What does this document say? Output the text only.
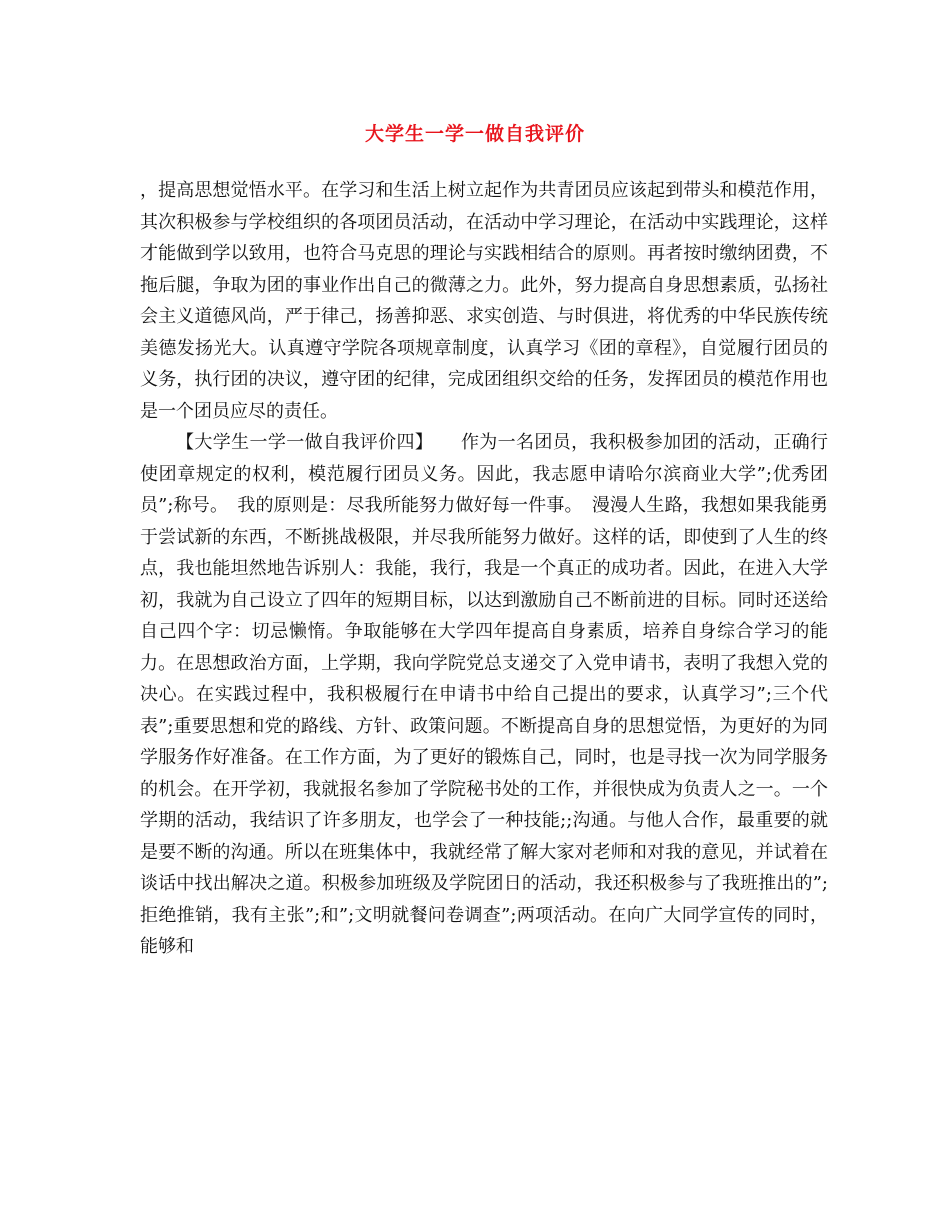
大学生一学一做自我评价

，提高思想觉悟水平。在学习和生活上树立起作为共青团员应该起到带头和模范作用，其次积极参与学校组织的各项团员活动，在活动中学习理论，在活动中实践理论，这样才能做到学以致用，也符合马克思的理论与实践相结合的原则。再者按时缴纳团费，不拖后腿，争取为团的事业作出自己的微薄之力。此外，努力提高自身思想素质，弘扬社会主义道德风尚，严于律己，扬善抑恶、求实创造、与时俱进，将优秀的中华民族传统美德发扬光大。认真遵守学院各项规章制度，认真学习《团的章程》，自觉履行团员的义务，执行团的决议，遵守团的纪律，完成团组织交给的任务，发挥团员的模范作用也是一个团员应尽的责任。

【大学生一学一做自我评价四】　　作为一名团员，我积极参加团的活动，正确行使团章规定的权利，模范履行团员义务。因此，我志愿申请哈尔滨商业大学”;优秀团员”;称号。　我的原则是：尽我所能努力做好每一件事。　漫漫人生路，我想如果我能勇于尝试新的东西，不断挑战极限，并尽我所能努力做好。这样的话，即使到了人生的终点，我也能坦然地告诉别人：我能，我行，我是一个真正的成功者。因此，在进入大学初，我就为自己设立了四年的短期目标，以达到激励自己不断前进的目标。同时还送给自己四个字：切忌懒惰。争取能够在大学四年提高自身素质，培养自身综合学习的能力。在思想政治方面，上学期，我向学院党总支递交了入党申请书，表明了我想入党的决心。在实践过程中，我积极履行在申请书中给自己提出的要求，认真学习”;三个代表”;重要思想和党的路线、方针、政策问题。不断提高自身的思想觉悟，为更好的为同学服务作好准备。在工作方面，为了更好的锻炼自己，同时，也是寻找一次为同学服务的机会。在开学初，我就报名参加了学院秘书处的工作，并很快成为负责人之一。一个学期的活动，我结识了许多朋友，也学会了一种技能;;沟通。与他人合作，最重要的就是要不断的沟通。所以在班集体中，我就经常了解大家对老师和对我的意见，并试着在谈话中找出解决之道。积极参加班级及学院团日的活动，我还积极参与了我班推出的”;拒绝推销，我有主张”;和”;文明就餐问卷调查”;两项活动。在向广大同学宣传的同时，能够和
